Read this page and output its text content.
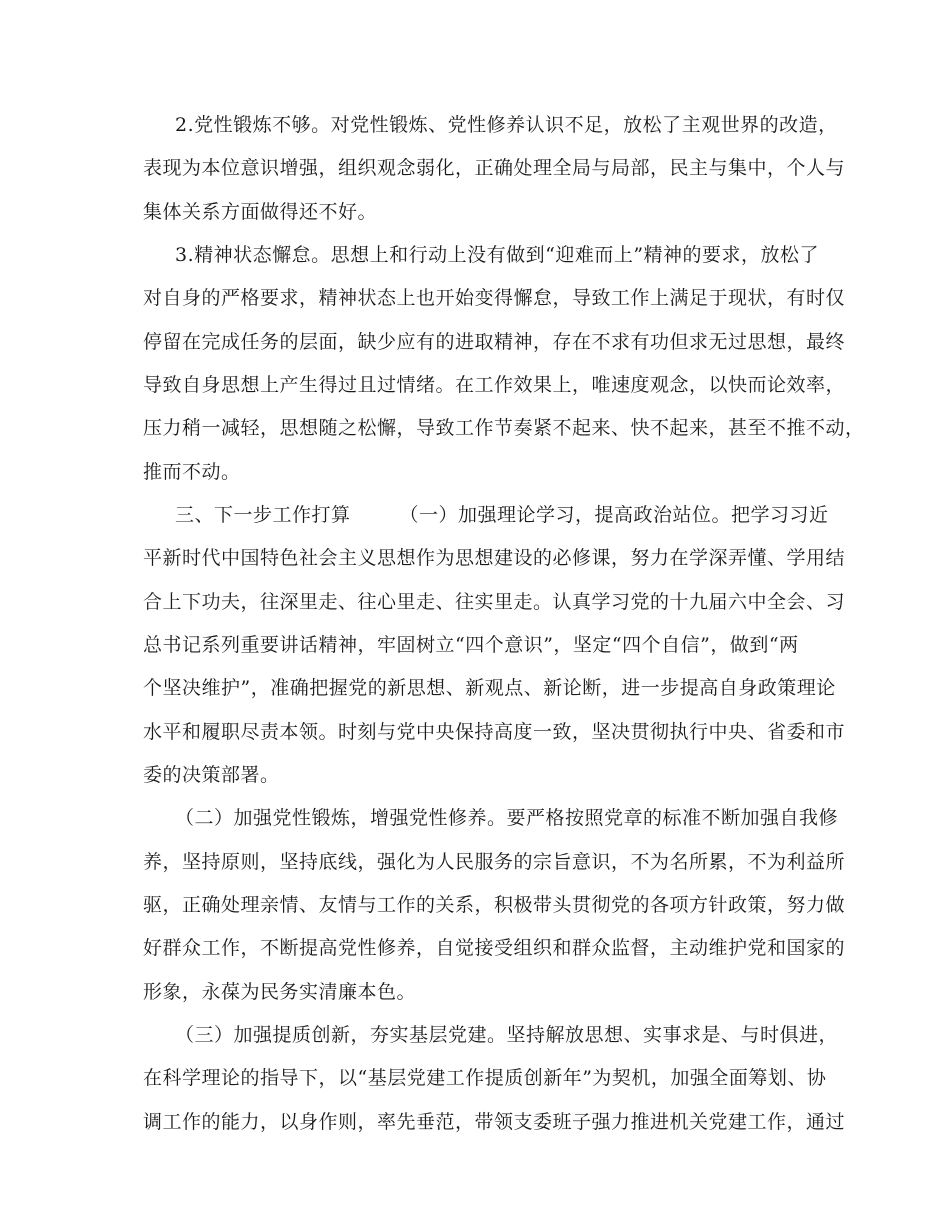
2.党性锻炼不够。对党性锻炼、党性修养认识不足，放松了主观世界的改造，
表现为本位意识增强，组织观念弱化，正确处理全局与局部，民主与集中，个人与
集体关系方面做得还不好。
3.精神状态懈怠。思想上和行动上没有做到“迎难而上”精神的要求，放松了
对自身的严格要求，精神状态上也开始变得懈怠，导致工作上满足于现状，有时仅
停留在完成任务的层面，缺少应有的进取精神，存在不求有功但求无过思想，最终
导致自身思想上产生得过且过情绪。在工作效果上，唯速度观念，以快而论效率，
压力稍一减轻，思想随之松懈，导致工作节奏紧不起来、快不起来，甚至不推不动，
推而不动。
三、下一步工作打算　　　（一）加强理论学习，提高政治站位。把学习习近
平新时代中国特色社会主义思想作为思想建设的必修课，努力在学深弄懂、学用结
合上下功夫，往深里走、往心里走、往实里走。认真学习党的十九届六中全会、习
总书记系列重要讲话精神，牢固树立“四个意识”，坚定“四个自信”，做到“两
个坚决维护”，准确把握党的新思想、新观点、新论断，进一步提高自身政策理论
水平和履职尽责本领。时刻与党中央保持高度一致，坚决贯彻执行中央、省委和市
委的决策部署。
（二）加强党性锻炼，增强党性修养。要严格按照党章的标准不断加强自我修
养，坚持原则，坚持底线，强化为人民服务的宗旨意识，不为名所累，不为利益所
驱，正确处理亲情、友情与工作的关系，积极带头贯彻党的各项方针政策，努力做
好群众工作，不断提高党性修养，自觉接受组织和群众监督，主动维护党和国家的
形象，永葆为民务实清廉本色。
（三）加强提质创新，夯实基层党建。坚持解放思想、实事求是、与时俱进，
在科学理论的指导下，以“基层党建工作提质创新年”为契机，加强全面筹划、协
调工作的能力，以身作则，率先垂范，带领支委班子强力推进机关党建工作，通过
